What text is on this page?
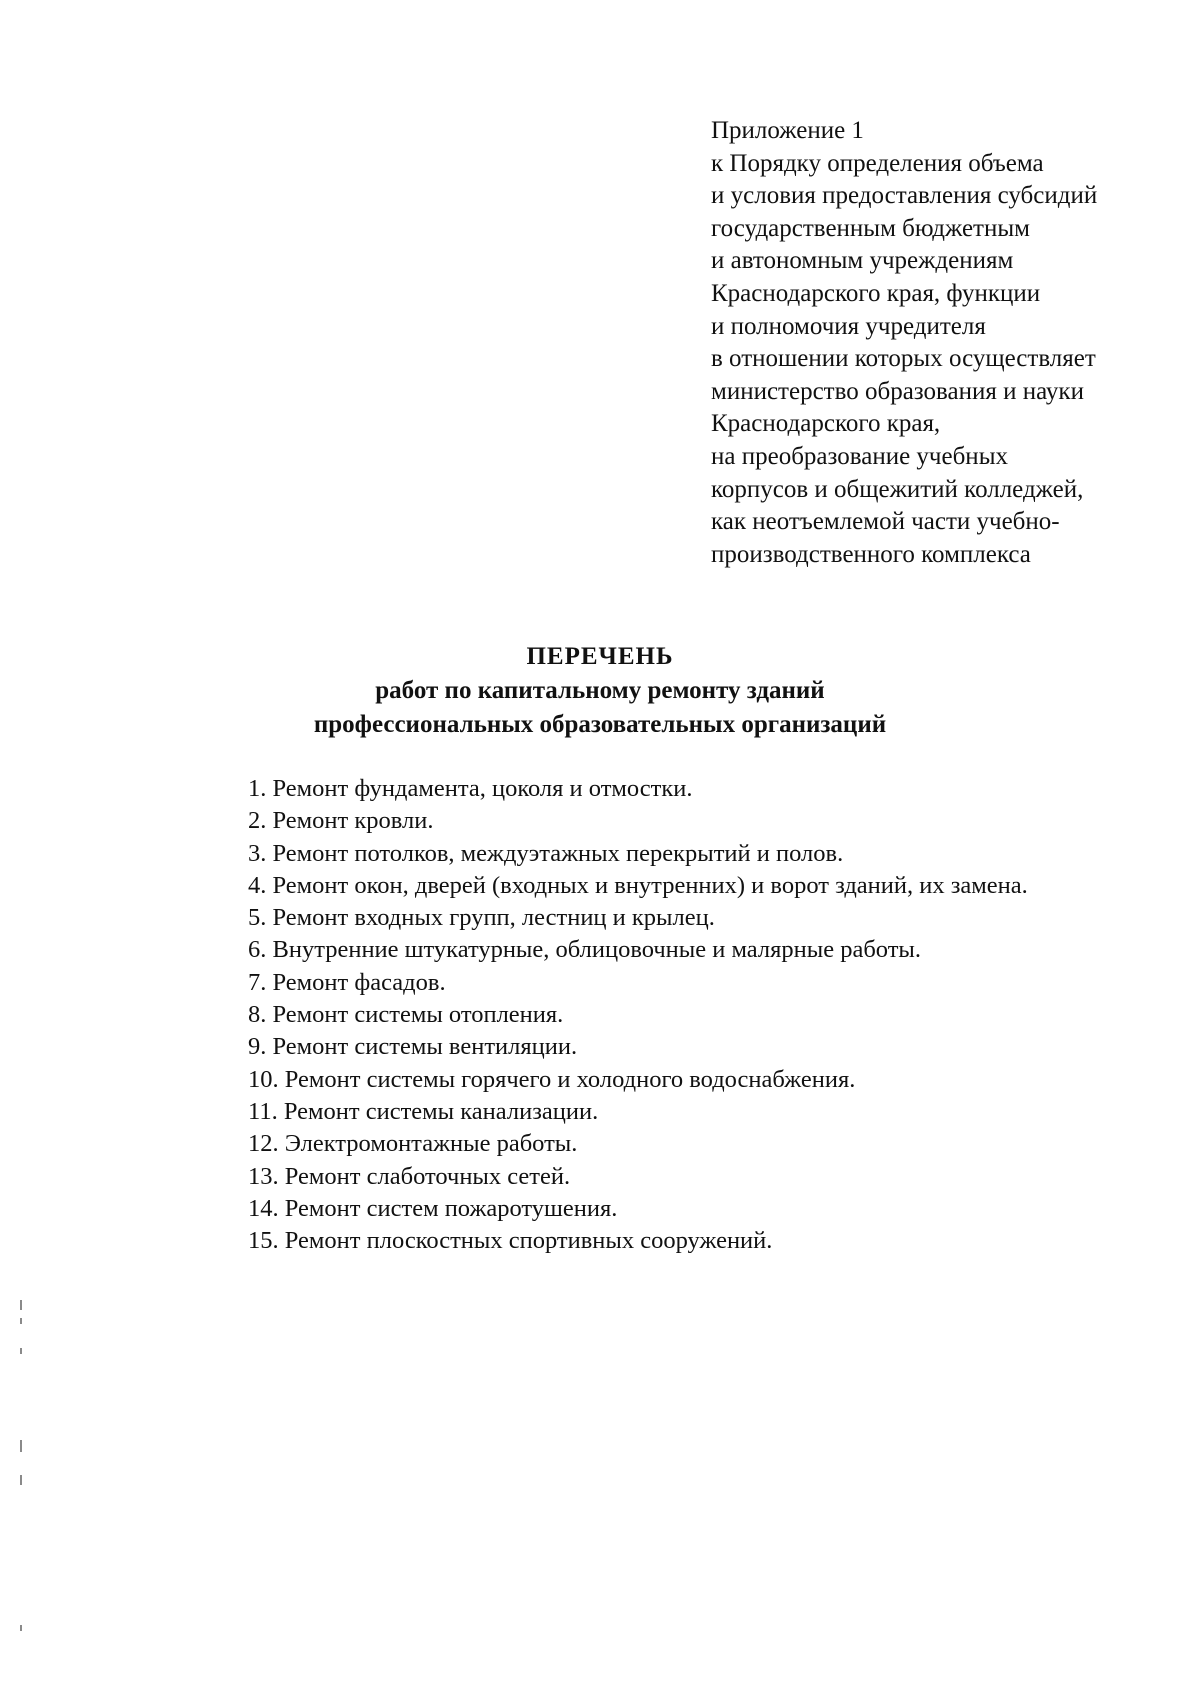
Приложение 1
к Порядку определения объема
и условия предоставления субсидий
государственным бюджетным
и автономным учреждениям
Краснодарского края, функции
и полномочия учредителя
в отношении которых осуществляет
министерство образования и науки
Краснодарского края,
на преобразование учебных
корпусов и общежитий колледжей,
как неотъемлемой части учебно-
производственного комплекса
ПЕРЕЧЕНЬ
работ по капитальному ремонту зданий
профессиональных образовательных организаций
1. Ремонт фундамента, цоколя и отмостки.
2. Ремонт кровли.
3. Ремонт потолков, междуэтажных перекрытий и полов.
4. Ремонт окон, дверей (входных и внутренних) и ворот зданий, их замена.
5. Ремонт входных групп, лестниц и крылец.
6. Внутренние штукатурные, облицовочные и малярные работы.
7. Ремонт фасадов.
8. Ремонт системы отопления.
9. Ремонт системы вентиляции.
10. Ремонт системы горячего и холодного водоснабжения.
11. Ремонт системы канализации.
12. Электромонтажные работы.
13. Ремонт слаботочных сетей.
14. Ремонт систем пожаротушения.
15. Ремонт плоскостных спортивных сооружений.
